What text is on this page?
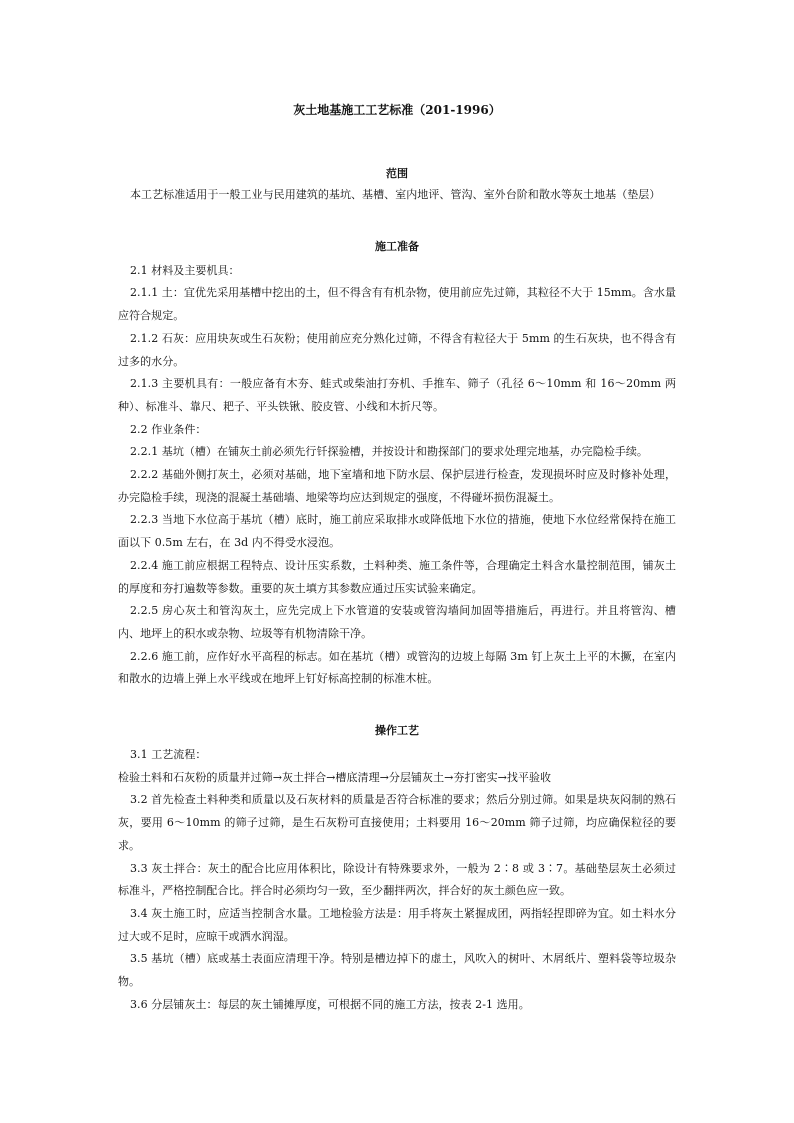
灰土地基施工工艺标准（201-1996）
范围

本工艺标准适用于一般工业与民用建筑的基坑、基槽、室内地评、管沟、室外台阶和散水等灰土地基（垫层）

施工准备

2.1 材料及主要机具：

2.1.1 土：宜优先采用基槽中挖出的土，但不得含有有机杂物，使用前应先过筛，其粒径不大于 15mm。含水量应符合规定。

2.1.2 石灰：应用块灰或生石灰粉；使用前应充分熟化过筛，不得含有粒径大于 5mm 的生石灰块，也不得含有过多的水分。

2.1.3 主要机具有：一般应备有木夯、蛙式或柴油打夯机、手推车、筛子（孔径 6～10mm 和 16～20mm 两种）、标准斗、靠尺、耙子、平头铁锹、胶皮管、小线和木折尺等。

2.2 作业条件：

2.2.1 基坑（槽）在铺灰土前必须先行钎探验槽，并按设计和勘探部门的要求处理完地基，办完隐检手续。

2.2.2 基础外侧打灰土，必须对基础，地下室墙和地下防水层、保护层进行检查，发现损坏时应及时修补处理，办完隐检手续，现浇的混凝土基础墙、地梁等均应达到规定的强度，不得碰坏损伤混凝土。

2.2.3 当地下水位高于基坑（槽）底时，施工前应采取排水或降低地下水位的措施，使地下水位经常保持在施工面以下 0.5m 左右，在 3d 内不得受水浸泡。

2.2.4 施工前应根据工程特点、设计压实系数，土料种类、施工条件等，合理确定土料含水量控制范围，铺灰土的厚度和夯打遍数等参数。重要的灰土填方其参数应通过压实试验来确定。

2.2.5 房心灰土和管沟灰土，应先完成上下水管道的安装或管沟墙间加固等措施后，再进行。并且将管沟、槽内、地坪上的积水或杂物、垃圾等有机物清除干净。

2.2.6 施工前，应作好水平高程的标志。如在基坑（槽）或管沟的边坡上每隔 3m 钉上灰土上平的木撅，在室内和散水的边墙上弹上水平线或在地坪上钉好标高控制的标准木桩。

操作工艺

3.1 工艺流程：

检验土料和石灰粉的质量并过筛→灰土拌合→槽底清理→分层铺灰土→夯打密实→找平验收

3.2 首先检查土料种类和质量以及石灰材料的质量是否符合标准的要求；然后分别过筛。如果是块灰闷制的熟石灰，要用 6～10mm 的筛子过筛，是生石灰粉可直接使用；土料要用 16～20mm 筛子过筛，均应确保粒径的要求。

3.3 灰土拌合：灰土的配合比应用体积比，除设计有特殊要求外，一般为 2∶8 或 3∶7。基础垫层灰土必须过标准斗，严格控制配合比。拌合时必须均匀一致，至少翻拌两次，拌合好的灰土颜色应一致。

3.4 灰土施工时，应适当控制含水量。工地检验方法是：用手将灰土紧握成团，两指轻捏即碎为宜。如土料水分过大或不足时，应晾干或洒水润湿。

3.5 基坑（槽）底或基土表面应清理干净。特别是槽边掉下的虚土，风吹入的树叶、木屑纸片、塑料袋等垃圾杂物。

3.6 分层铺灰土：每层的灰土铺摊厚度，可根据不同的施工方法，按表 2-1 选用。
